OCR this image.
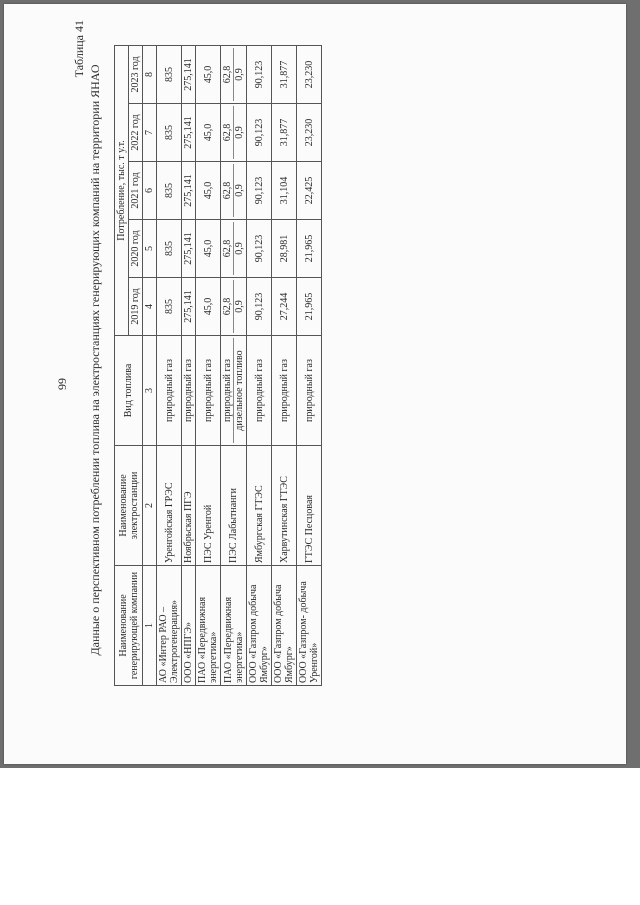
99
Таблица 41
Данные о перспективном потреблении топлива на электростанциях генерирующих компаний на территории ЯНАО Наименование генерирующей компании	Наименование электростанции	Вид топлива	Потребление, тыс. т у.т.				
			2019 год	2020 год	2021 год	2022 год	2023 год
1	2	3	4	5	6	7	8
АО «Интер РАО – Электрогенерация»	Уренгойская ГРЭС	природный газ	835	835	835	835	835
ООО «НПГЭ»	Ноябрьская ПГЭ	природный газ	275,141	275,141	275,141	275,141	275,141
ПАО «Передвижная энергетика»	ПЭС Уренгой	природный газ	45,0	45,0	45,0	45,0	45,0
ПАО «Передвижная энергетика»	ПЭС Лабытнанги	природный газ дизельное топливо	62,8 0,9	62,8 0,9	62,8 0,9	62,8 0,9	62,8 0,9

ООО «Газпром добыча Ямбург»	Ямбургская ГТЭС	природный газ	90,123	90,123	90,123	90,123	90,123
ООО «Газпром добыча Ямбург»	Харвутинская ГТЭС	природный газ	27,244	28,981	31,104	31,877	31,877
ООО «Газпром- добыча Уренгой»	ГТЭС Песцовая	природный газ	21,965	21,965	22,425	23,230	23,230
